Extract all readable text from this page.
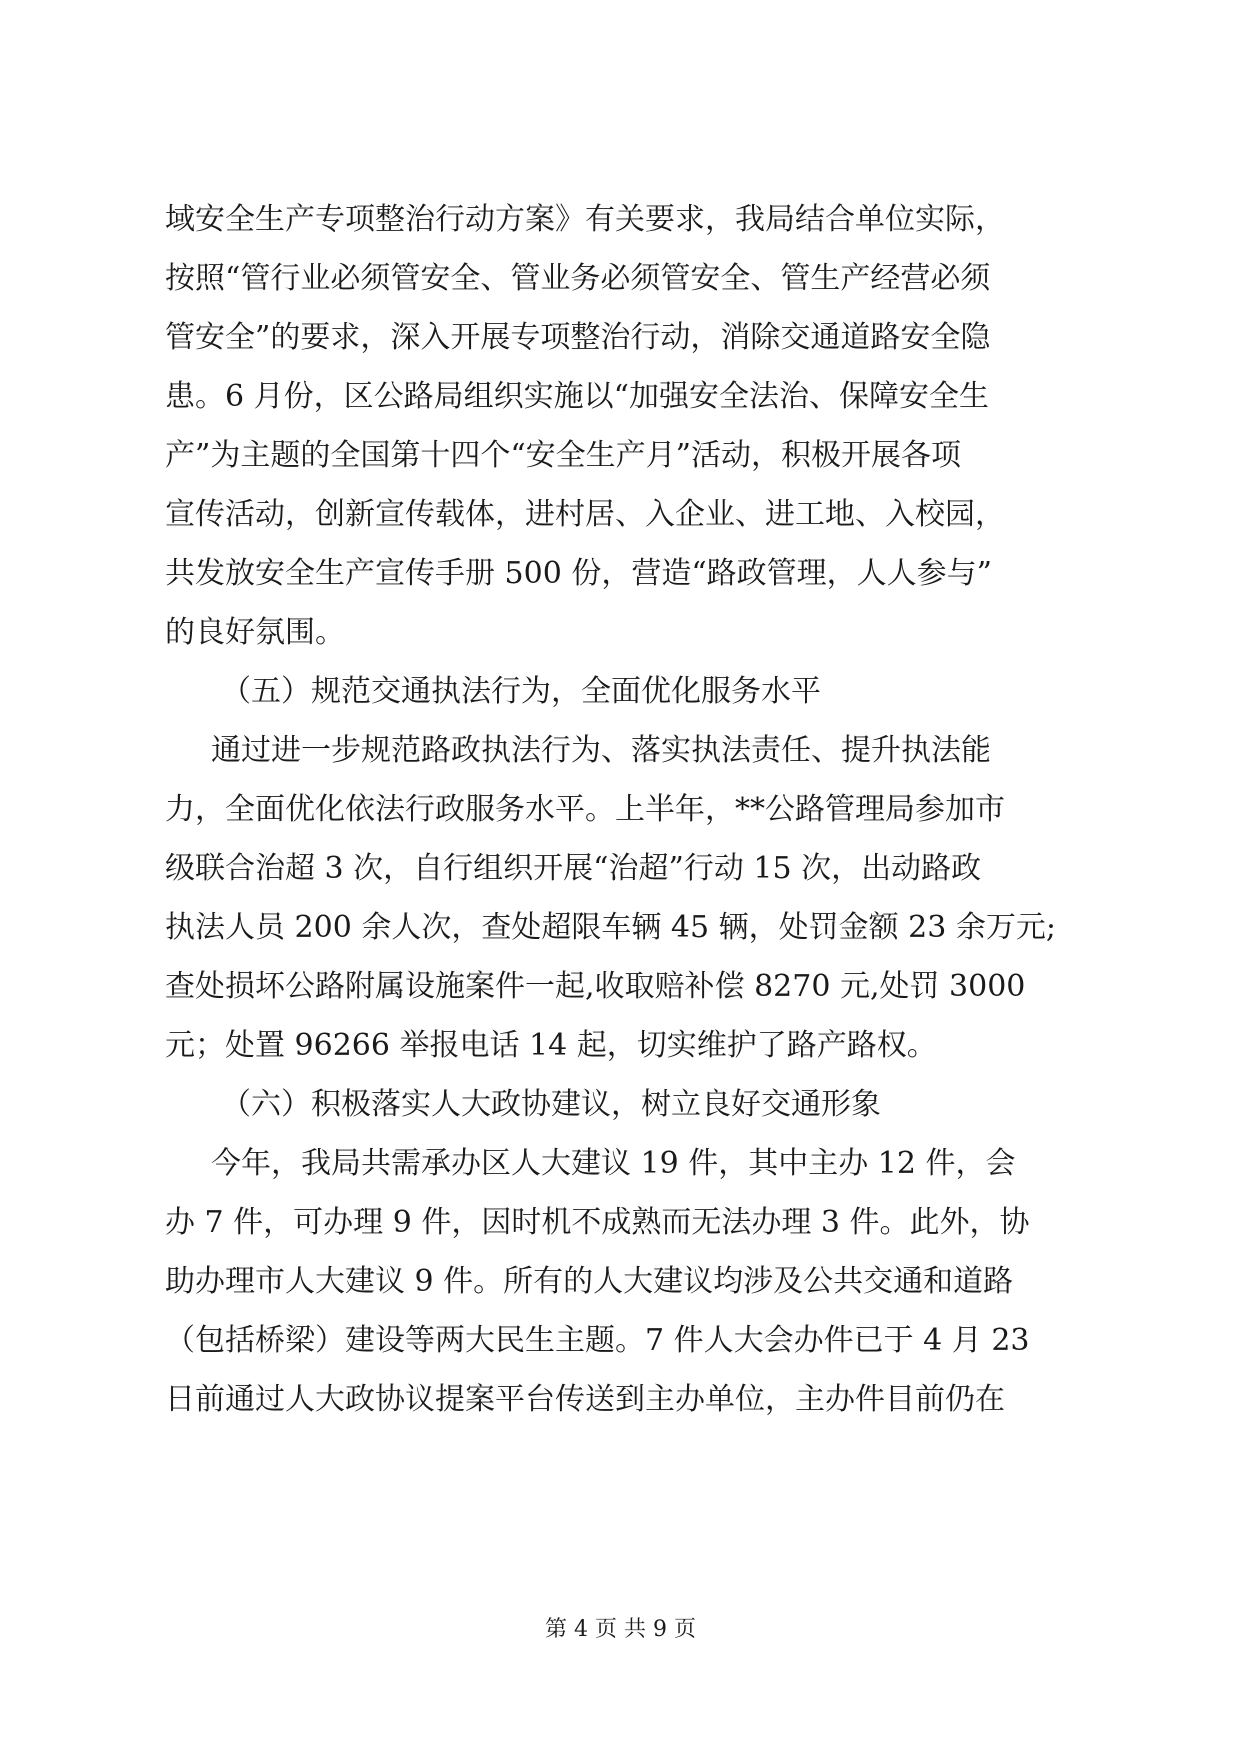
域安全生产专项整治行动方案》有关要求，我局结合单位实际，
按照“管行业必须管安全、管业务必须管安全、管生产经营必须
管安全”的要求，深入开展专项整治行动，消除交通道路安全隐
患。6 月份，区公路局组织实施以“加强安全法治、保障安全生
产”为主题的全国第十四个“安全生产月”活动，积极开展各项
宣传活动，创新宣传载体，进村居、入企业、进工地、入校园，
共发放安全生产宣传手册 500 份，营造“路政管理，人人参与”
的良好氛围。
（五）规范交通执法行为，全面优化服务水平
通过进一步规范路政执法行为、落实执法责任、提升执法能
力，全面优化依法行政服务水平。上半年，**公路管理局参加市
级联合治超 3 次，自行组织开展“治超”行动 15 次，出动路政
执法人员 200 余人次，查处超限车辆 45 辆，处罚金额 23 余万元;
查处损坏公路附属设施案件一起,收取赔补偿 8270 元,处罚 3000
元；处置 96266 举报电话 14 起，切实维护了路产路权。
（六）积极落实人大政协建议，树立良好交通形象
今年，我局共需承办区人大建议 19 件，其中主办 12 件，会
办 7 件，可办理 9 件，因时机不成熟而无法办理 3 件。此外，协
助办理市人大建议 9 件。所有的人大建议均涉及公共交通和道路
（包括桥梁）建设等两大民生主题。7 件人大会办件已于 4 月 23
日前通过人大政协议提案平台传送到主办单位，主办件目前仍在
第 4 页 共 9 页
